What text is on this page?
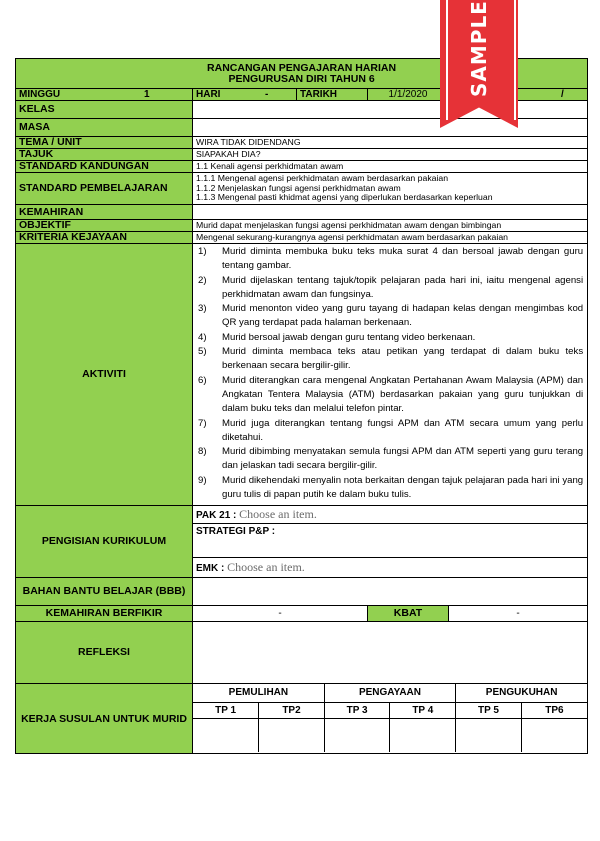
RANCANGAN PENGAJARAN HARIAN
PENGURUSAN DIRI TAHUN 6

MINGGU	1	HARI	-	TARIKH	1/1/2020	/

KELAS	
MASA	
TEMA / UNIT	WIRA TIDAK DIDENDANG
TAJUK	SIAPAKAH DIA?
STANDARD KANDUNGAN	1.1 Kenali agensi perkhidmatan awam
STANDARD PEMBELAJARAN	
1.1.1 Mengenal agensi perkhidmatan awam berdasarkan pakaian
1.1.2 Menjelaskan fungsi agensi perkhidmatan awam
1.1.3 Mengenal pasti khidmat agensi yang diperlukan berdasarkan keperluan

KEMAHIRAN	
OBJEKTIF	Murid dapat menjelaskan fungsi agensi perkhidmatan awam dengan bimbingan
KRITERIA KEJAYAAN	Mengenal sekurang-kurangnya agensi perkhidmatan awam berdasarkan pakaian
AKTIVITI	
1) Murid diminta membuka buku teks muka surat 4 dan bersoal jawab dengan guru tentang gambar.
2) Murid dijelaskan tentang tajuk/topik pelajaran pada hari ini, iaitu mengenal agensi perkhidmatan awam dan fungsinya.
3) Murid menonton video yang guru tayang di hadapan kelas dengan mengimbas kod QR yang terdapat pada halaman berkenaan.
4) Murid bersoal jawab dengan guru tentang video berkenaan.
5) Murid diminta membaca teks atau petikan yang terdapat di dalam buku teks berkenaan secara bergilir-gilir.
6) Murid diterangkan cara mengenal Angkatan Pertahanan Awam Malaysia (APM) dan Angkatan Tentera Malaysia (ATM) berdasarkan pakaian yang guru tunjukkan di dalam buku teks dan melalui telefon pintar.
7) Murid juga diterangkan tentang fungsi APM dan ATM secara umum yang perlu diketahui.
8) Murid dibimbing menyatakan semula fungsi APM dan ATM seperti yang guru terang dan jelaskan tadi secara bergilir-gilir.
9) Murid dikehendaki menyalin nota berkaitan dengan tajuk pelajaran pada hari ini yang guru tulis di papan putih ke dalam buku tulis.

PENGISIAN KURIKULUM	PAK 21 : Choose an item.
STRATEGI P&P :
EMK : Choose an item.
BAHAN BANTU BELAJAR (BBB)	
KEMAHIRAN BERFIKIR	-	KBAT	-
REFLEKSI	
KERJA SUSULAN UNTUK MURID	
PEMULIHAN	PENGAYAAN	PENGUKUHAN
TP 1	TP2	TP 3	TP 4	TP 5	TP6

SAMPLE
